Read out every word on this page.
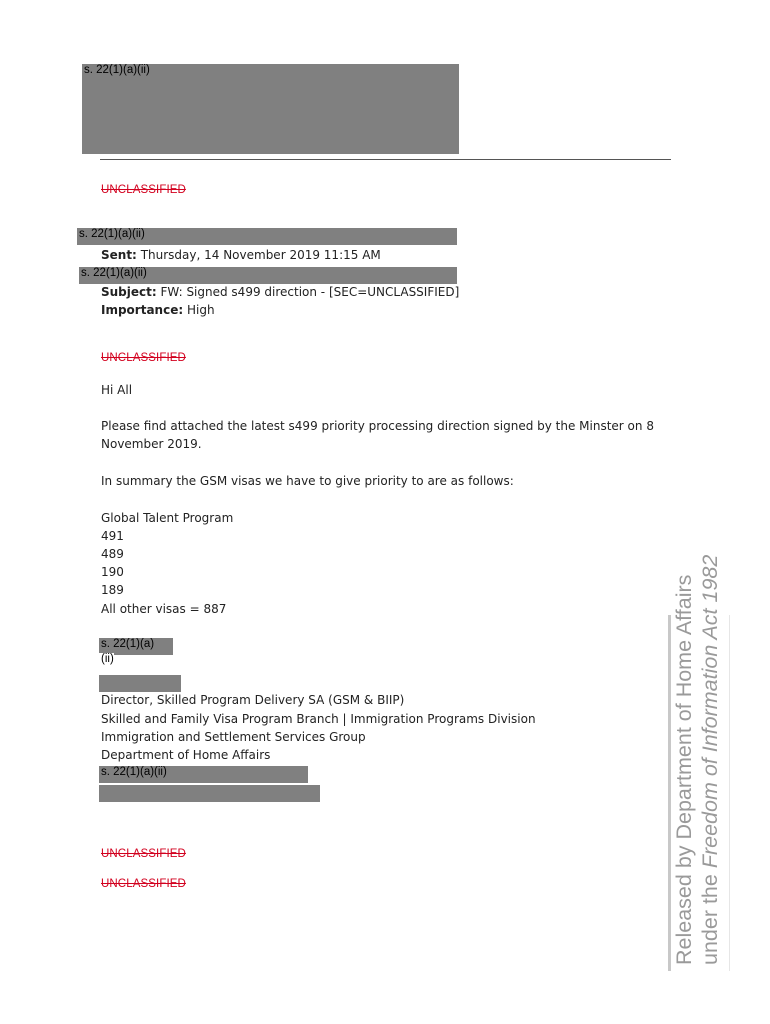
s. 22(1)(a)(ii)
UNCLASSIFIED
s. 22(1)(a)(ii)
Sent: Thursday, 14 November 2019 11:15 AM
s. 22(1)(a)(ii)
Subject: FW: Signed s499 direction - [SEC=UNCLASSIFIED]
Importance: High
UNCLASSIFIED
Hi All
Please find attached the latest s499 priority processing direction signed by the Minster on 8
November 2019.
In summary the GSM visas we have to give priority to are as follows:
Global Talent Program
491
489
190
189
All other visas = 887
s. 22(1)(a)
(ii)
Director, Skilled Program Delivery SA (GSM & BIIP)
Skilled and Family Visa Program Branch | Immigration Programs Division
Immigration and Settlement Services Group
Department of Home Affairs
s. 22(1)(a)(ii)
UNCLASSIFIED
UNCLASSIFIED	Released by Department of Home Affairs under the Freedom of Information Act 1982
